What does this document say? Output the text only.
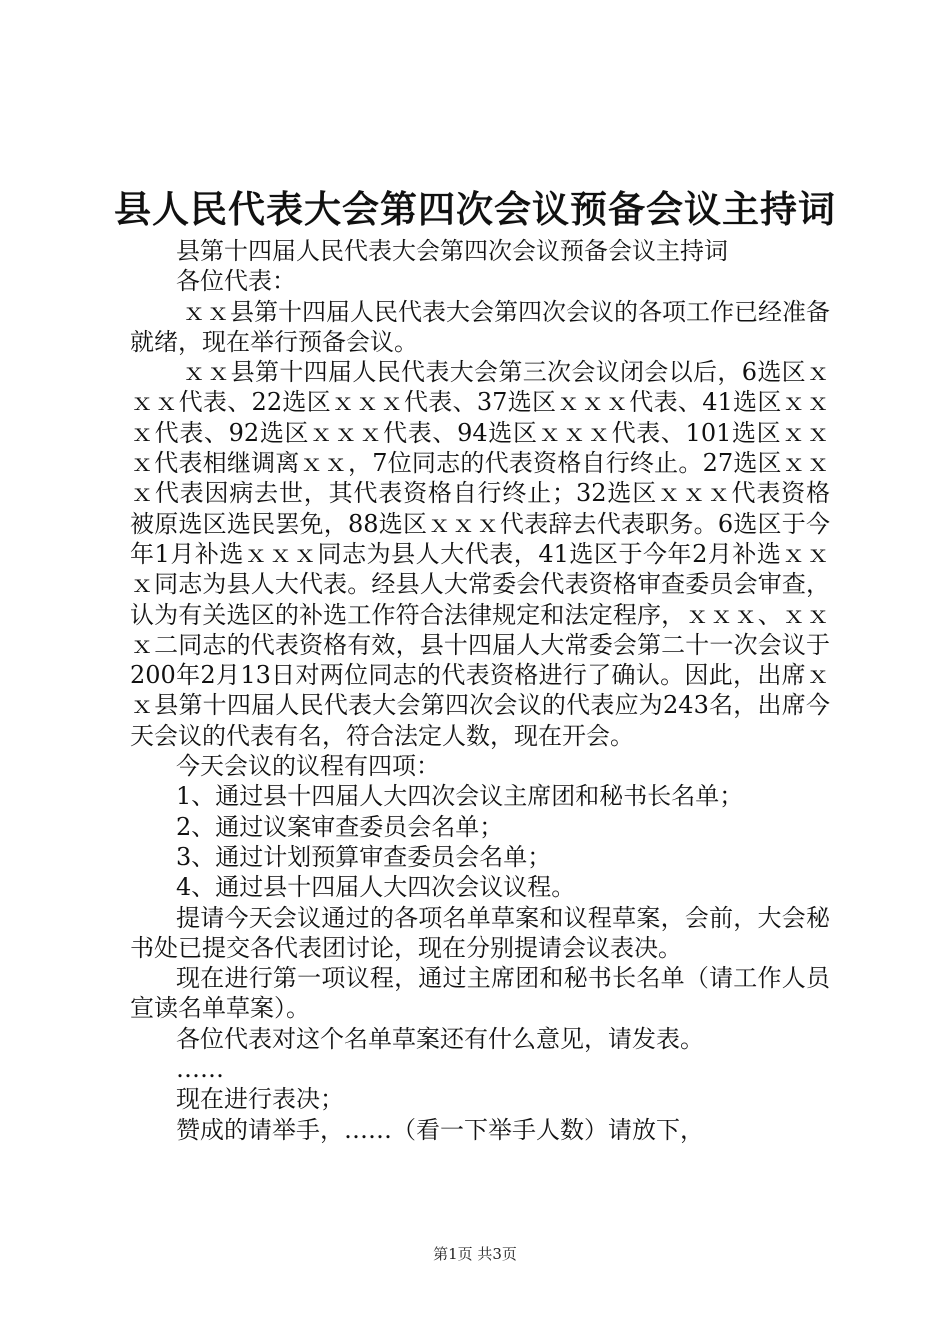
县人民代表大会第四次会议预备会议主持词

县第十四届人民代表大会第四次会议预备会议主持词

各位代表：

ｘｘ县第十四届人民代表大会第四次会议的各项工作已经准备就绪，现在举行预备会议。

ｘｘ县第十四届人民代表大会第三次会议闭会以后，6选区ｘｘｘ代表、22选区ｘｘｘ代表、37选区ｘｘｘ代表、41选区ｘｘｘ代表、92选区ｘｘｘ代表、94选区ｘｘｘ代表、101选区ｘｘｘ代表相继调离ｘｘ，7位同志的代表资格自行终止。27选区ｘｘｘ代表因病去世，其代表资格自行终止；32选区ｘｘｘ代表资格被原选区选民罢免，88选区ｘｘｘ代表辞去代表职务。6选区于今年1月补选ｘｘｘ同志为县人大代表，41选区于今年2月补选ｘｘｘ同志为县人大代表。经县人大常委会代表资格审查委员会审查，认为有关选区的补选工作符合法律规定和法定程序，ｘｘｘ、ｘｘｘ二同志的代表资格有效，县十四届人大常委会第二十一次会议于200年2月13日对两位同志的代表资格进行了确认。因此，出席ｘｘ县第十四届人民代表大会第四次会议的代表应为243名，出席今天会议的代表有名，符合法定人数，现在开会。

今天会议的议程有四项：

1、通过县十四届人大四次会议主席团和秘书长名单；

2、通过议案审查委员会名单；

3、通过计划预算审查委员会名单；

4、通过县十四届人大四次会议议程。

提请今天会议通过的各项名单草案和议程草案，会前，大会秘书处已提交各代表团讨论，现在分别提请会议表决。

现在进行第一项议程，通过主席团和秘书长名单（请工作人员宣读名单草案）。

各位代表对这个名单草案还有什么意见，请发表。

……

现在进行表决；

赞成的请举手，……（看一下举手人数）请放下，

第1页 共3页
